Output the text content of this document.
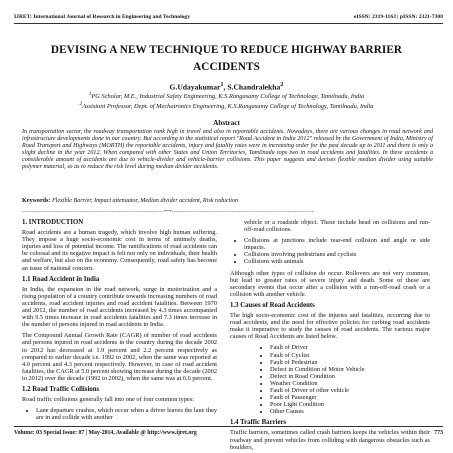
IJRET: International Journal of Research in Engineering and Technology	eISSN: 2319-1163 | pISSN: 2321-7308
DEVISING A NEW TECHNIQUE TO REDUCE HIGHWAY BARRIER
ACCIDENTS
G.Udayakumar$^1$, S.Chandralekha$^2$
$^1$PG Scholar, M.E., Industrial Safety Engineering, K.S.Rangasamy College of Technology, Tamilnadu, India
$^2$Assistant Professor, Dept. of Mechatronics Engineering, K.S.Rangasamy College of Technology, Tamilnadu, India
Abstract
In transportation sector, the roadway transportation rank high in travel and also in reportable accidents. Nowadays, there are various changes in road network and infrastructure developments done in our country. But according to the statistical report "Road Accident in India 2012" released by the Government of India, Ministry of Road Transport and Highways (MORTH) the reportable accidents, injury and fatality rates were in increasing order for the past decade up to 2011 and there is only a slight decline in the year 2012. When compared with other States and Union Territories, Tamilnadu tops two in road accidents and fatalities. In these accidents a considerable amount of accidents are due to vehicle-divider and vehicle-barrier collisions. This paper suggests and devises flexible median divider using suitable polymer material, so as to reduce the risk level during median divider accidents.
Keywords: Flexible Barrier, Impact attenuator, Median divider accident, Risk reduction
----------------------------------------------------------------------------***----------------------------------------------------------------------------
1. INTRODUCTION

Road accidents are a human tragedy, which involve high human suffering. They impose a huge socio-economic cost in terms of untimely deaths, injuries and loss of potential income. The ramifications of road accidents can be colossal and its negative impact is felt not only on individuals, their health and welfare, but also on the economy. Consequently, road safety has become an issue of national concern.

1.1 Road Accident in India

In India, the expansion in the road network, surge in motorization and a rising population of a country contribute towards increasing numbers of road accidents, road accident injuries and road accident fatalities. Between 1970 and 2012, the number of road accidents increased by 4.3 times accompanied with 9.5 times increase in road accidents fatalities and 7.3 times increase in the number of persons injured in road accidents in India.

The Compound Annual Growth Rate (CAGR) of number of road accidents and persons injured in road accidents in the country during the decade 2002 to 2012 has decreased at 1.9 percent and 2.2 percent respectively as compared to earlier decade i.e. 1992 to 2002, when the same was reported at 4.0 percent and 4.3 percent respectively. However, in case of road accident fatalities, the CAGR at 5.0 percent showing increase during the decade (2002 to 2012) over the decade (1992 to 2002), when the same was at 0.6 percent.

1.2 Road Traffic Collisions

Road traffic collisions generally fall into one of four common types:

• Lane departure crashes, which occur when a driver leaves the lane they are in and collide with another
vehicle or a roadside object. These include head on collisions and run-off-road collisions.
• Collisions at junctions include rear-end collision and angle or side impacts.
• Collisions involving pedestrians and cyclists
• Collisions with animals

Although other types of collision do occur. Rollovers are not very common, but lead to greater rates of severe injury and death. Some of these are secondary events that occur after a collision with a run-off-road crash or a collision with another vehicle.

1.3 Causes of Road Accidents

The high socio-economic cost of the injuries and fatalities, occurring due to road accidents, and the need for effective policies for curbing road accidents make it imperative to study the causes of road accidents. The various major causes of Road Accidents are listed below.

• Fault of Driver
• Fault of Cyclist
• Fault of Pedestrian
• Defect in Condition of Motor Vehicle
• Defect in Road Condition
• Weather Condition
• Fault of Driver of other vehicle
• Fault of Passenger
• Poor Light Condition
• Other Causes
1.4 Traffic Barriers

Traffic barriers, sometimes called crash barriers keeps the vehicles within their roadway and prevent vehicles from colliding with dangerous obstacles such as boulders,

Volume: 03 Special Issue: 07 | May-2014, Available @ http://www.ijret.org	773
